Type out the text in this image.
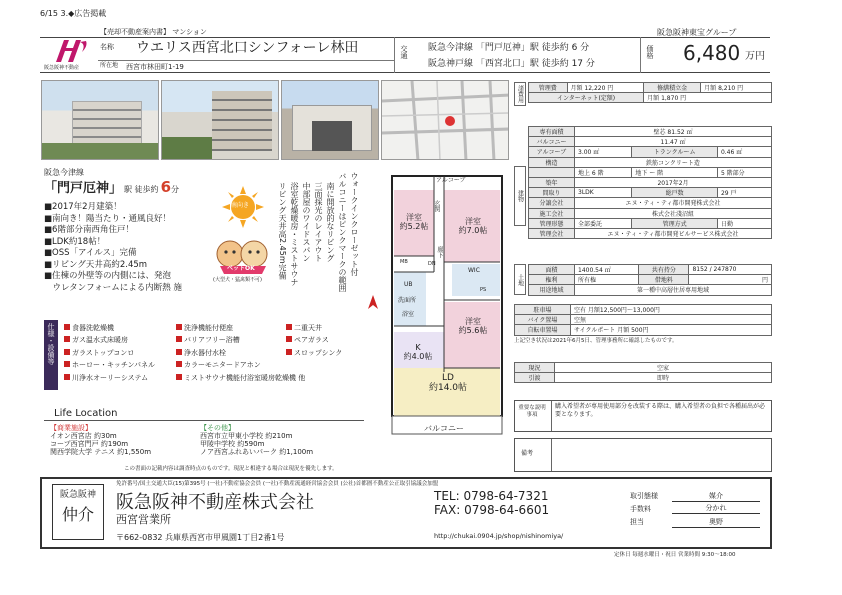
6/15 3.◆広告掲載
【売却不動産案内書】 マンション	阪急阪神東宝グループ
阪急阪神不動産
名称 ウエリス西宮北口シンフォーレ林田
所在地 西宮市林田町1-19
交通 阪急今津線 「門戸厄神」駅 徒歩約 6 分
阪急神戸線 「西宮北口」駅 徒歩約 17 分
価格 6,480 万円
阪急今津線
「門戸厄神」 駅 徒歩約 6 分
南向き
■2017年2月建築！
■南向き！陽当たり・通風良好！
■6階部分南西角住戸！
■LDK約18帖！
■OSS「アイルス」完備
■リビング天井高約2.45m
■住棟の外壁等の内側には、発泡
　ウレタンフォームによる内断熱 施
ペットOK
(大型犬・猛禽類不可)
仕様・設備等	食器洗乾燥機	洗浄機能付便座	二重天井
ガス温水式床暖房	バリアフリー浴槽	ペアガラス
ガラストップコンロ	浄水器付水栓	スロップシンク
ホーロー・キッチンパネル	カラーモニタードアホン
川浄水オーリーシステム	ミストサウナ機能付浴室暖房乾燥機 他
Life Location
【商業施設】
イオン西宮店 約30m
コープ西宮門戸 約190m
関西学院大学 テニス 約1,550m
【その他】
西宮市立甲東小学校 約210m
甲陵中学校 約590m
ノア西宮ふれあいパーク 約1,100m
この書面の記載内容は調査時点のものです。現況と相違する場合は現況を優先します。
ウォークインクローゼット付
バルコニーはピンクマークの範囲
南に開放的なリビング
三面採光のレイアウト
中部屋のワイドスパン
浴室乾燥暖房・ミストサウナ
リビング天井高2.45m完備	洋室
約5.2帖
洋室
約7.0帖
洋室
約5.6帖
K
約4.0帖
LD
約14.0帖
アルコーブ
玄関
廊下
バルコニー
洗面所
浴室
WIC
UB
DN
MB
PS
諸費用	管理費	月額 12,220 円	修繕積立金	月額 8,210 円
インターネット(定額)		月額 1,870 円	
建物
専有面積	壁芯 81.52 ㎡		
バルコニー	11.47 ㎡		
アルコーブ	3.00 ㎡	トランクルーム	0.46 ㎡
構造	鉄筋コンクリート造		
	地上 6 階	地下 ー 階	5 階部分
築年	2017年2月		
間取り	3LDK	総戸数	29 戸
分譲会社	エヌ・ティ・ティ都市開発株式会社		
施工会社	株式会社淺沼組		
管理形態	全部委託	管理方式	日勤
管理会社	エヌ・ティ・ティ都市開発ビルサービス株式会社		
土地
面積	1400.54 ㎡	共有持分	8152 / 247870
権利	所有権	借地料	円
用途地域	第一種中高層住居専用地域		
駐車場	空有 月額12,500円〜13,000円
バイク置場	空無
自転車置場	サイクルポート 月額 500円
上記空き状況は2021年6月5日、管理事務所に確認したものです。
現況	空家
引渡	即時
重要な説明事項
購入希望者が専用使用部分を改装する際は、購入希望者の負担で各種届出が必要となります。
備考
阪急阪神
仲介
免許番号/国土交通大臣(15)第395号 (一社)不動産協会会員 (一社)不動産流通経営協会会員 (公社)首都圏不動産公正取引協議会加盟
阪急阪神不動産株式会社
西宮営業所
〒662-0832 兵庫県西宮市甲風園1丁目2番1号
TEL: 0798-64-7321
FAX: 0798-64-6601
http://chukai.0904.jp/shop/nishinomiya/
取引態様	媒介
手数料	分かれ
担当	奥野
定休日 毎週水曜日・祝日 営業時間 9:30〜18:00
